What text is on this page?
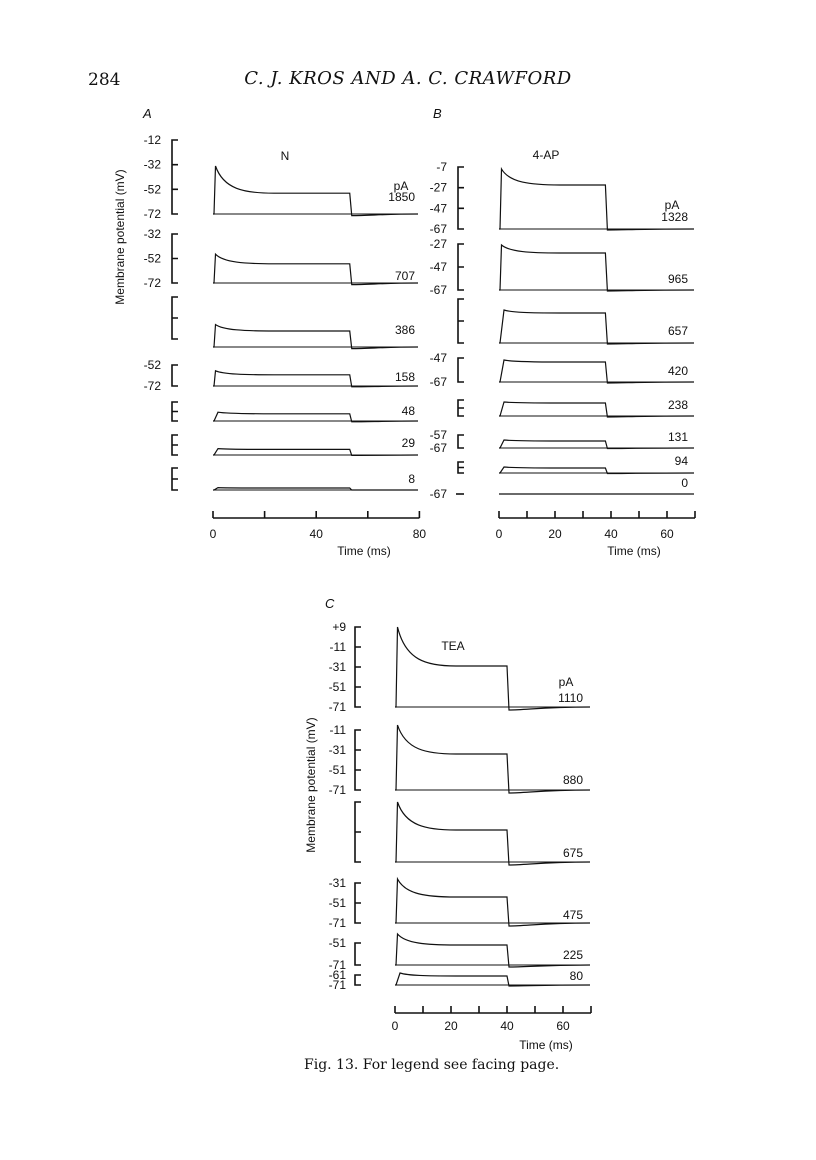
284	C. J. KROS AND A. C. CRAWFORD
A
N
Membrane potential (mV)
-12
-32
-52
-72
1850
pA
-32
-52
-72	707
386
-52
-72
158
48
29
8
0	40	80
Time (ms)
B
4-AP
-7
-27
-47
-67
1328
pA
-27
-47
-67
965
657
-47
-67
420
238
-57
-67
131
94
-67
0
0	20	40	60
Time (ms)
C
TEA
Membrane potential (mV)
+9
-11
-31
-51
-71
1110
pA
-11
-31
-51
-71
880
675
-31
-51
-71
475
-51
-71
225
-61
-71
80
0	20	40	60
Time (ms)
Fig. 13. For legend see facing page.
